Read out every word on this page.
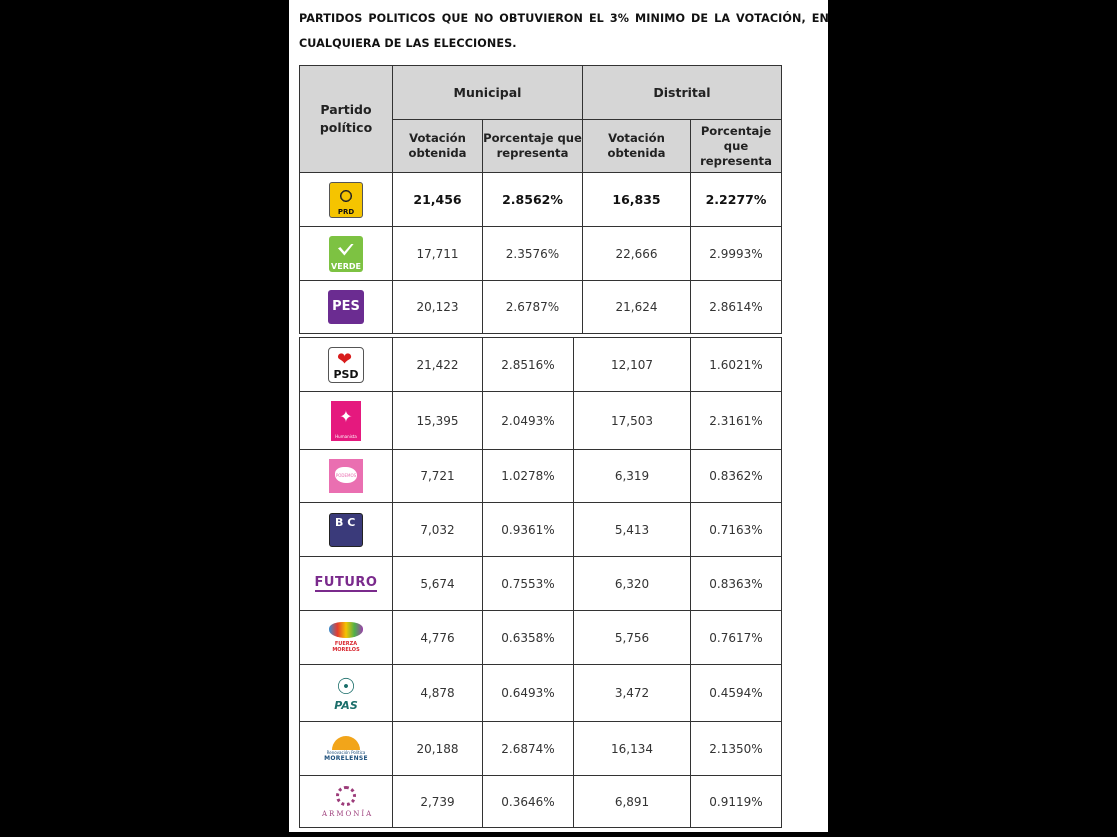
PARTIDOS POLITICOS QUE NO OBTUVIERON EL 3% MINIMO DE LA VOTACIÓN, EN CUALQUIERA DE LAS ELECCIONES.
Partido político	Municipal		Distrital	
	Votación obtenida	Porcentaje que representa	Votación obtenida	Porcentaje que representa

PRD	21,456	2.8562%	16,835	2.2277%

VERDE	17,711	2.3576%	22,666	2.9993%
PES	20,123	2.6787%	21,624	2.8614%
❤
PSD	21,422	2.8516%	12,107	1.6021%

✦
Humanista	15,395	2.0493%	17,503	2.3161%

PODEMOS	7,721	1.0278%	6,319	0.8362%
B C	7,032	0.9361%	5,413	0.7163%
FUTURO	5,674	0.7553%	6,320	0.8363%

FUERZA MORELOS	4,776	0.6358%	5,756	0.7617%

☉
PAS	4,878	0.6493%	3,472	0.4594%

Renovación Política
MORELENSE	20,188	2.6874%	16,134	2.1350%

ARMONÍA	2,739	0.3646%	6,891	0.9119%
